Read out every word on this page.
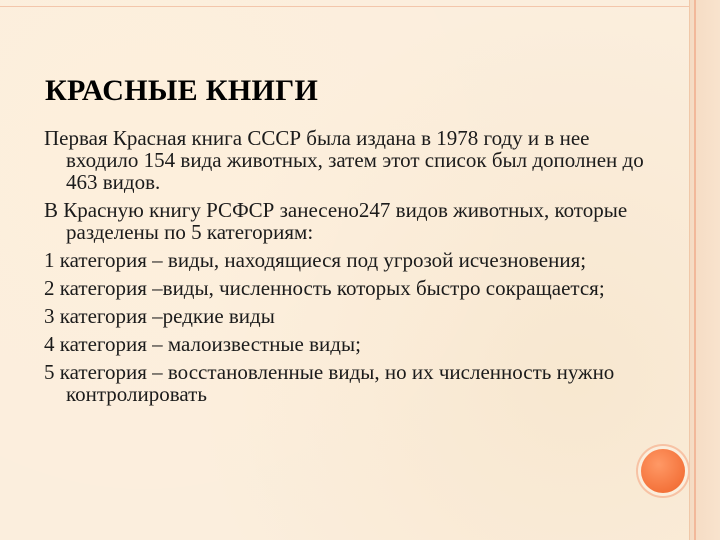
КРАСНЫЕ КНИГИ

Первая Красная книга СССР была издана в 1978 году и в нее входило 154 вида животных, затем этот список был дополнен до 463 видов.

В Красную книгу РСФСР занесено247 видов животных, которые разделены по 5 категориям:

1 категория – виды, находящиеся под угрозой исчезновения;

2 категория –виды, численность которых быстро сокращается;

3 категория –редкие виды

4 категория – малоизвестные виды;

5 категория – восстановленные виды, но их численность нужно контролировать
